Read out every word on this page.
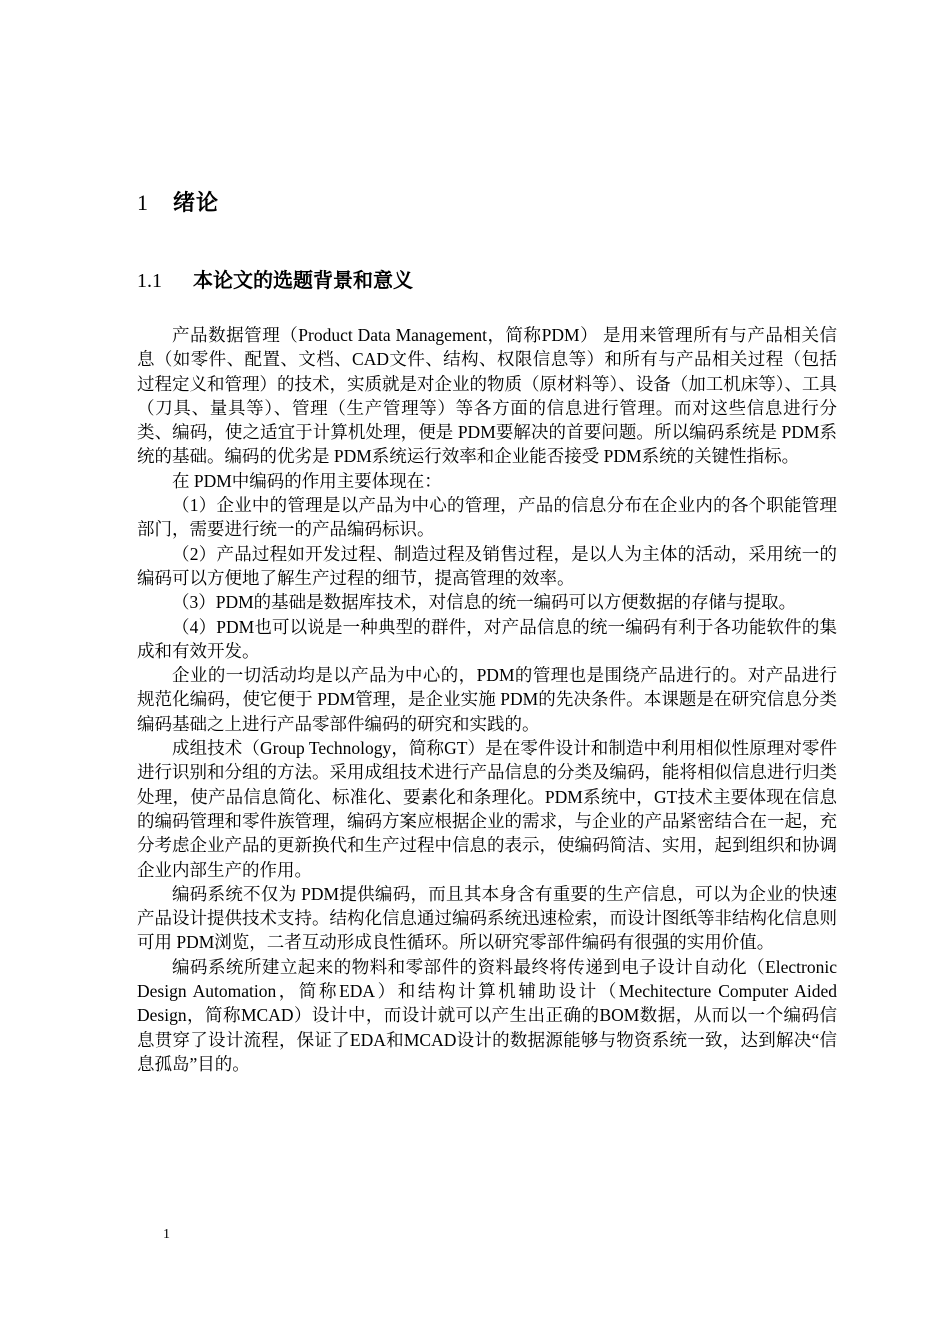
1 绪论
1.1 本论文的选题背景和意义

产品数据管理（Product Data Management，简称PDM） 是用来管理所有与产品相关信息（如零件、配置、文档、CAD文件、结构、权限信息等）和所有与产品相关过程（包括过程定义和管理）的技术，实质就是对企业的物质（原材料等）、设备（加工机床等）、工具（刀具、量具等）、管理（生产管理等）等各方面的信息进行管理。而对这些信息进行分类、编码，使之适宜于计算机处理，便是 PDM要解决的首要问题。所以编码系统是 PDM系统的基础。编码的优劣是 PDM系统运行效率和企业能否接受 PDM系统的关键性指标。

在 PDM中编码的作用主要体现在：

（1）企业中的管理是以产品为中心的管理，产品的信息分布在企业内的各个职能管理部门，需要进行统一的产品编码标识。

（2）产品过程如开发过程、制造过程及销售过程，是以人为主体的活动，采用统一的编码可以方便地了解生产过程的细节，提高管理的效率。

（3）PDM的基础是数据库技术，对信息的统一编码可以方便数据的存储与提取。

（4）PDM也可以说是一种典型的群件，对产品信息的统一编码有利于各功能软件的集成和有效开发。

企业的一切活动均是以产品为中心的，PDM的管理也是围绕产品进行的。对产品进行规范化编码，使它便于 PDM管理，是企业实施 PDM的先决条件。本课题是在研究信息分类编码基础之上进行产品零部件编码的研究和实践的。

成组技术（Group Technology，简称GT）是在零件设计和制造中利用相似性原理对零件进行识别和分组的方法。采用成组技术进行产品信息的分类及编码，能将相似信息进行归类处理，使产品信息简化、标准化、要素化和条理化。PDM系统中，GT技术主要体现在信息的编码管理和零件族管理，编码方案应根据企业的需求，与企业的产品紧密结合在一起，充分考虑企业产品的更新换代和生产过程中信息的表示，使编码简洁、实用，起到组织和协调企业内部生产的作用。

编码系统不仅为 PDM提供编码，而且其本身含有重要的生产信息，可以为企业的快速产品设计提供技术支持。结构化信息通过编码系统迅速检索，而设计图纸等非结构化信息则可用 PDM浏览，二者互动形成良性循环。所以研究零部件编码有很强的实用价值。

编码系统所建立起来的物料和零部件的资料最终将传递到电子设计自动化（Electronic Design Automation，简称EDA）和结构计算机辅助设计（Mechitecture Computer Aided Design，简称MCAD）设计中，而设计就可以产生出正确的BOM数据，从而以一个编码信息贯穿了设计流程，保证了EDA和MCAD设计的数据源能够与物资系统一致，达到解决“信息孤岛”目的。

1
